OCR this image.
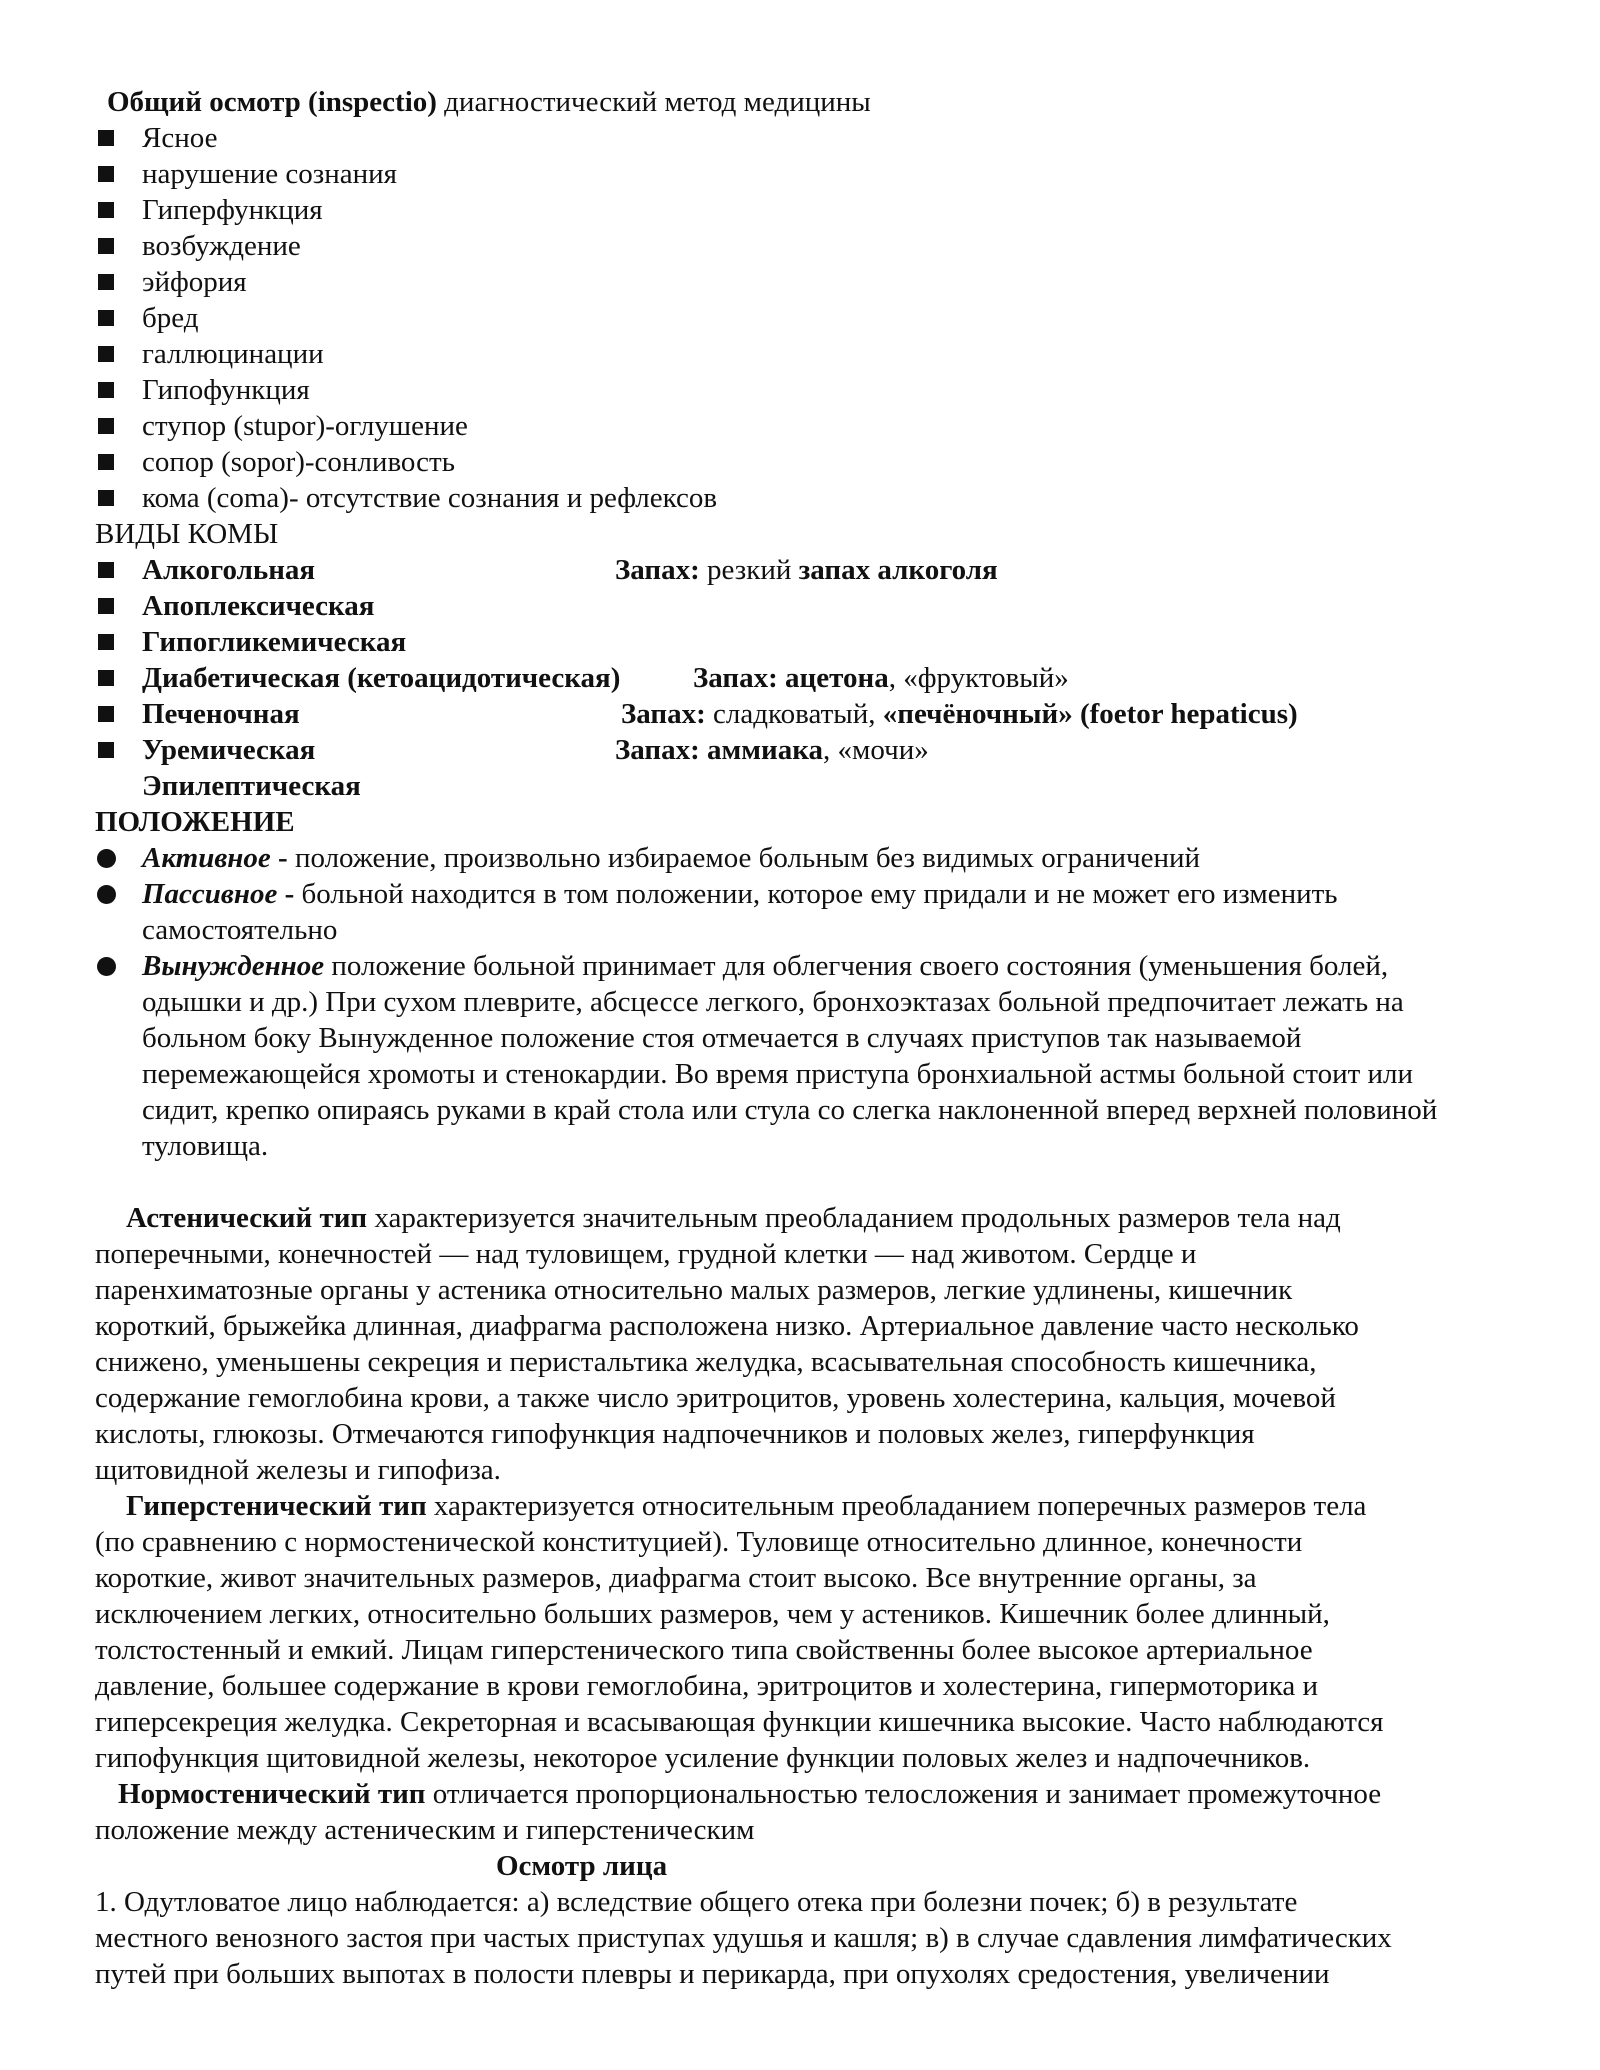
Общий осмотр (inspectio) диагностический метод медицины
Ясное
нарушение сознания
Гиперфункция
возбуждение
эйфория
бред
галлюцинации
Гипофункция
ступор (stupor)-оглушение
сопор (sopor)-сонливость
кома (coma)- отсутствие сознания и рефлексов
ВИДЫ КОМЫ
Алкогольная	Запах: резкий запах алкоголя
Апоплексическая
Гипогликемическая
Диабетическая (кетоацидотическая)	Запах: ацетона, «фруктовый»
Печеночная	Запах: сладковатый, «печёночный» (foetor hepaticus)
Уремическая	Запах: аммиака, «мочи»
Эпилептическая
ПОЛОЖЕНИЕ
Активное - положение, произвольно избираемое больным без видимых ограничений
Пассивное - больной находится в том положении, которое ему придали и не может его изменить самостоятельно
Вынужденное положение больной принимает для облегчения своего состояния (уменьшения болей, одышки и др.) При сухом плеврите, абсцессе легкого, бронхоэктазах больной предпочитает лежать на больном боку Вынужденное положение стоя отмечается в случаях приступов так называемой перемежающейся хромоты и стенокардии. Во время приступа бронхиальной астмы больной стоит или сидит, крепко опираясь руками в край стола или стула со слегка наклоненной вперед верхней половиной туловища.
Астенический тип характеризуется значительным преобладанием продольных размеров тела над
поперечными, конечностей — над туловищем, грудной клетки — над животом. Сердце и
паренхиматозные органы у астеника относительно малых размеров, легкие удлинены, кишечник
короткий, брыжейка длинная, диафрагма расположена низко. Артериальное давление часто несколько
снижено, уменьшены секреция и перистальтика желудка, всасывательная способность кишечника,
содержание гемоглобина крови, а также число эритроцитов, уровень холестерина, кальция, мочевой
кислоты, глюкозы. Отмечаются гипофункция надпочечников и половых желез, гиперфункция
щитовидной железы и гипофиза.
Гиперстенический тип характеризуется относительным преобладанием поперечных размеров тела
(по сравнению с нормостенической конституцией). Туловище относительно длинное, конечности
короткие, живот значительных размеров, диафрагма стоит высоко. Все внутренние органы, за
исключением легких, относительно больших размеров, чем у астеников. Кишечник более длинный,
толстостенный и емкий. Лицам гиперстенического типа свойственны более высокое артериальное
давление, большее содержание в крови гемоглобина, эритроцитов и холестерина, гипермоторика и
гиперсекреция желудка. Секреторная и всасывающая функции кишечника высокие. Часто наблюдаются
гипофункция щитовидной железы, некоторое усиление функции половых желез и надпочечников.
Нормостенический тип отличается пропорциональностью телосложения и занимает промежуточное
положение между астеническим и гиперстеническим
Осмотр лица
1. Одутловатое лицо наблюдается: а) вследствие общего отека при болезни почек; б) в результате
местного венозного застоя при частых приступах удушья и кашля; в) в случае сдавления лимфатических
путей при больших выпотах в полости плевры и перикарда, при опухолях средостения, увеличении
